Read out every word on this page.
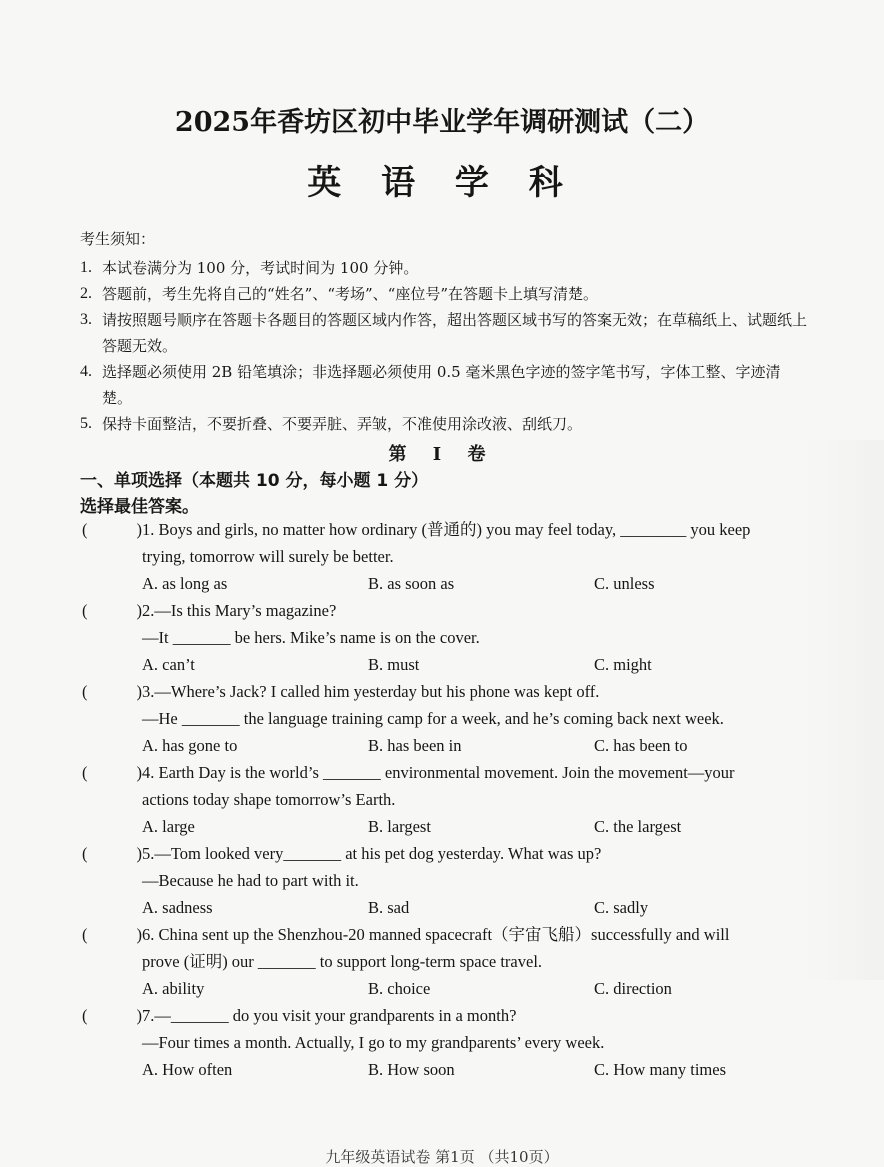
2025年香坊区初中毕业学年调研测试（二）
英 语 学 科
考生须知：
1. 本试卷满分为 100 分，考试时间为 100 分钟。
2. 答题前，考生先将自己的“姓名”、“考场”、“座位号”在答题卡上填写清楚。
3. 请按照题号顺序在答题卡各题目的答题区域内作答，超出答题区域书写的答案无效；在草稿纸上、试题纸上答题无效。
4. 选择题必须使用 2B 铅笔填涂；非选择题必须使用 0.5 毫米黑色字迹的签字笔书写，字体工整、字迹清楚。
5. 保持卡面整洁，不要折叠、不要弄脏、弄皱，不准使用涂改液、刮纸刀。
第 Ⅰ 卷
一、单项选择（本题共 10 分，每小题 1 分）
选择最佳答案。
(	) 1. Boys and girls, no matter how ordinary (普通的) you may feel today, ________ you keep
trying, tomorrow will surely be better.
A. as long as	B. as soon as	C. unless
(	) 2.—Is this Mary’s magazine?
—It _______ be hers. Mike’s name is on the cover.
A. can’t	B. must	C. might
(	) 3.—Where’s Jack? I called him yesterday but his phone was kept off.
—He _______ the language training camp for a week, and he’s coming back next week.
A. has gone to	B. has been in	C. has been to
(	) 4. Earth Day is the world’s _______ environmental movement. Join the movement—your
actions today shape tomorrow’s Earth.
A. large	B. largest	C. the largest
(	) 5.—Tom looked very_______ at his pet dog yesterday. What was up?
—Because he had to part with it.
A. sadness	B. sad	C. sadly
(	) 6. China sent up the Shenzhou-20 manned spacecraft（宇宙飞船）successfully and will
prove (证明) our _______ to support long-term space travel.
A. ability	B. choice	C. direction
(	) 7.—_______ do you visit your grandparents in a month?
—Four times a month. Actually, I go to my grandparents’ every week.
A. How often	B. How soon	C. How many times
九年级英语试卷 第1页 （共10页）
